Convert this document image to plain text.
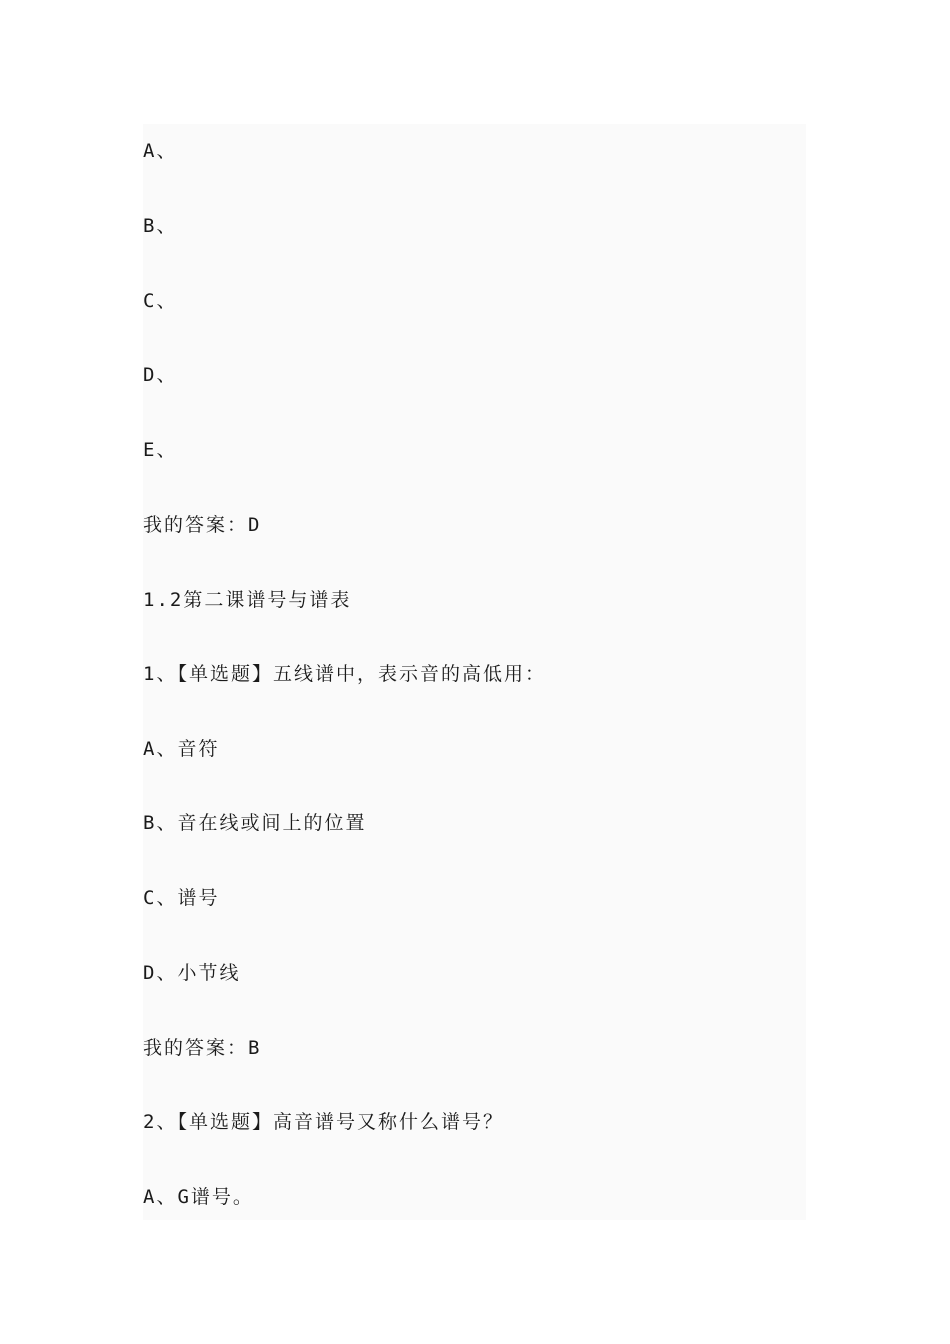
A、
B、
C、
D、
E、
我的答案：D
1.2第二课谱号与谱表
1、【单选题】五线谱中，表示音的高低用：
A、音符
B、音在线或间上的位置
C、谱号
D、小节线
我的答案：B
2、【单选题】高音谱号又称什么谱号？
A、G谱号。
